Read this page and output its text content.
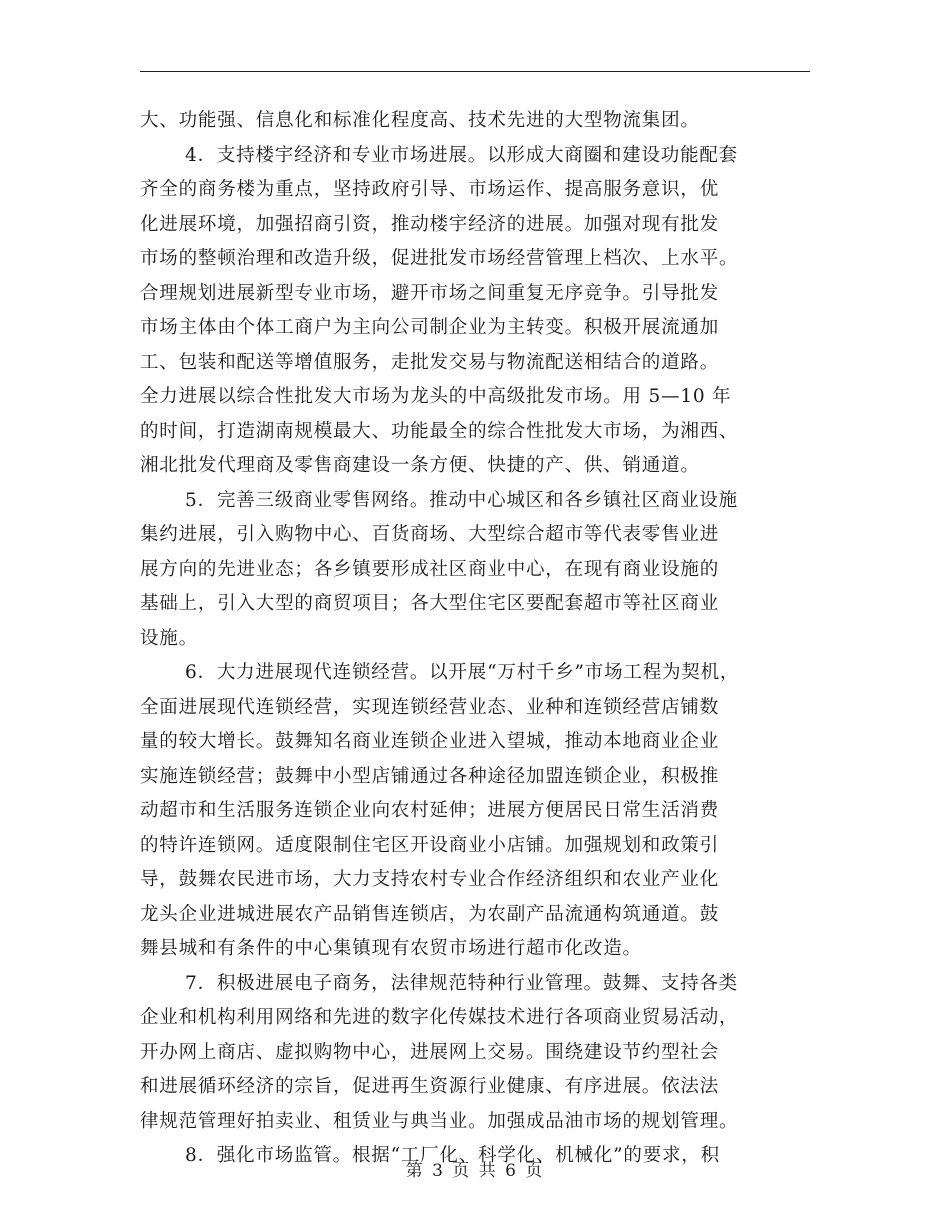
大、功能强、信息化和标准化程度高、技术先进的大型物流集团。
4．支持楼宇经济和专业市场进展。以形成大商圈和建设功能配套
齐全的商务楼为重点，坚持政府引导、市场运作、提高服务意识，优
化进展环境，加强招商引资，推动楼宇经济的进展。加强对现有批发
市场的整顿治理和改造升级，促进批发市场经营管理上档次、上水平。
合理规划进展新型专业市场，避开市场之间重复无序竞争。引导批发
市场主体由个体工商户为主向公司制企业为主转变。积极开展流通加
工、包装和配送等增值服务，走批发交易与物流配送相结合的道路。
全力进展以综合性批发大市场为龙头的中高级批发市场。用 5—10 年
的时间，打造湖南规模最大、功能最全的综合性批发大市场，为湘西、
湘北批发代理商及零售商建设一条方便、快捷的产、供、销通道。
5．完善三级商业零售网络。推动中心城区和各乡镇社区商业设施
集约进展，引入购物中心、百货商场、大型综合超市等代表零售业进
展方向的先进业态；各乡镇要形成社区商业中心，在现有商业设施的
基础上，引入大型的商贸项目；各大型住宅区要配套超市等社区商业
设施。
6．大力进展现代连锁经营。以开展“万村千乡”市场工程为契机，
全面进展现代连锁经营，实现连锁经营业态、业种和连锁经营店铺数
量的较大增长。鼓舞知名商业连锁企业进入望城，推动本地商业企业
实施连锁经营；鼓舞中小型店铺通过各种途径加盟连锁企业，积极推
动超市和生活服务连锁企业向农村延伸；进展方便居民日常生活消费
的特许连锁网。适度限制住宅区开设商业小店铺。加强规划和政策引
导，鼓舞农民进市场，大力支持农村专业合作经济组织和农业产业化
龙头企业进城进展农产品销售连锁店，为农副产品流通构筑通道。鼓
舞县城和有条件的中心集镇现有农贸市场进行超市化改造。
7．积极进展电子商务，法律规范特种行业管理。鼓舞、支持各类
企业和机构利用网络和先进的数字化传媒技术进行各项商业贸易活动，
开办网上商店、虚拟购物中心，进展网上交易。围绕建设节约型社会
和进展循环经济的宗旨，促进再生资源行业健康、有序进展。依法法
律规范管理好拍卖业、租赁业与典当业。加强成品油市场的规划管理。
8．强化市场监管。根据“工厂化、科学化、机械化”的要求，积
第 3 页 共 6 页
